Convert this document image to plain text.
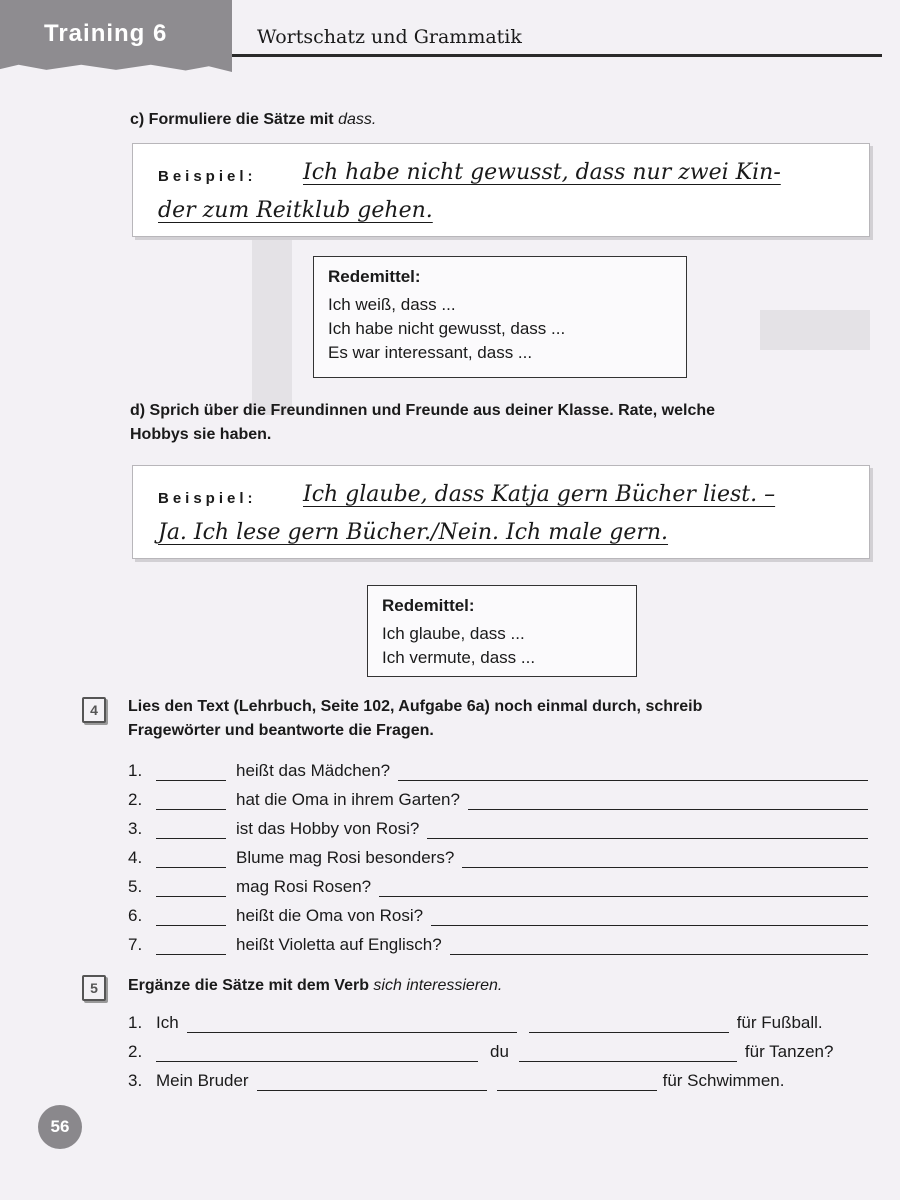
Training 6	Wortschatz und Grammatik
c) Formuliere die Sätze mit dass.
Beispiel: Ich habe nicht gewusst, dass nur zwei Kin-
der zum Reitklub gehen.
Redemittel:
Ich weiß, dass ...
Ich habe nicht gewusst, dass ...
Es war interessant, dass ...
d) Sprich über die Freundinnen und Freunde aus deiner Klasse. Rate, welche
Hobbys sie haben.
Beispiel: Ich glaube, dass Katja gern Bücher liest. –
Ja. Ich lese gern Bücher./Nein. Ich male gern.
Redemittel:
Ich glaube, dass ...
Ich vermute, dass ...
4	Lies den Text (Lehrbuch, Seite 102, Aufgabe 6a) noch einmal durch, schreib
Fragewörter und beantworte die Fragen.
1.	heißt das Mädchen?
2.	hat die Oma in ihrem Garten?
3.	ist das Hobby von Rosi?
4.	Blume mag Rosi besonders?
5.	mag Rosi Rosen?
6.	heißt die Oma von Rosi?
7.	heißt Violetta auf Englisch?
5	Ergänze die Sätze mit dem Verb sich interessieren.
1. Ich	für Fußball.
2.	du	für Tanzen?
3. Mein Bruder	für Schwimmen.
56
